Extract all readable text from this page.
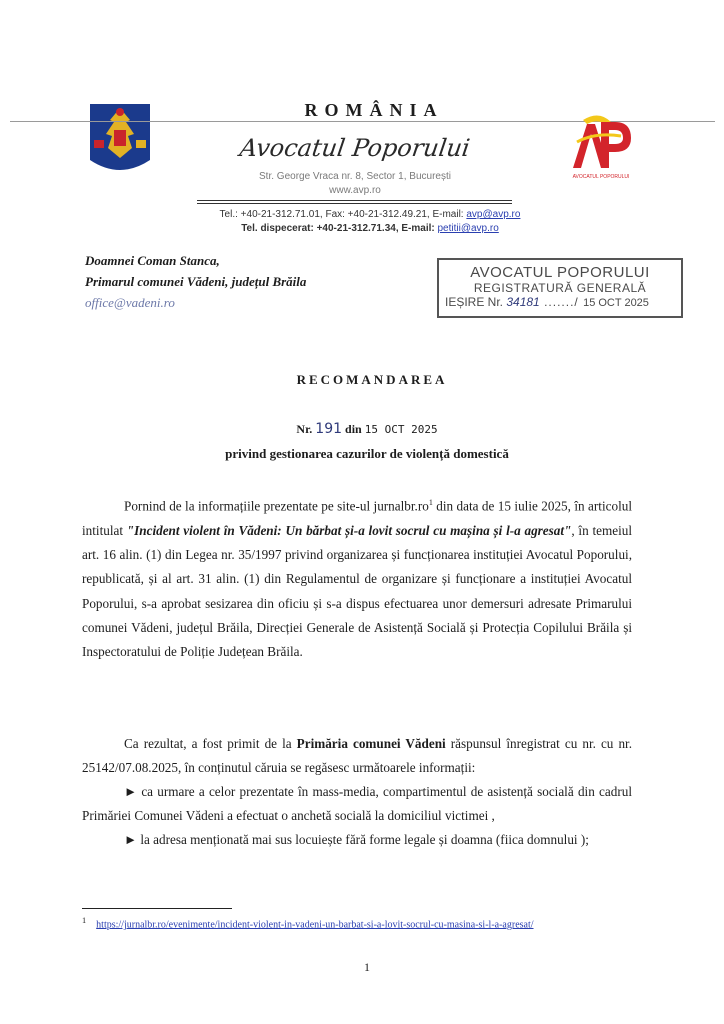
ROMÂNIA
Avocatul Poporului
AVOCATUL POPORULUI
Str. George Vraca nr. 8, Sector 1, București
www.avp.ro
Tel.: +40-21-312.71.01, Fax: +40-21-312.49.21, E-mail: avp@avp.ro
Tel. dispecerat: +40-21-312.71.34, E-mail: petitii@avp.ro
Doamnei Coman Stanca,
Primarul comunei Vădeni, județul Brăila
office@vadeni.ro
AVOCATUL POPORULUI
REGISTRATURĂ GENERALĂ
IEȘIRE Nr. 34181 ......./ 15 OCT 2025
RECOMANDAREA
Nr. 191 din 15 OCT 2025
privind gestionarea cazurilor de violență domestică

Pornind de la informațiile prezentate pe site-ul $jurnalbr.ro^1$ din data de 15 iulie 2025, în articolul intitulat "Incident violent în Vădeni: Un bărbat și-a lovit socrul cu mașina și l-a agresat", în temeiul art. 16 alin. (1) din Legea nr. 35/1997 privind organizarea și funcționarea instituției Avocatul Poporului, republicată, și al art. 31 alin. (1) din Regulamentul de organizare și funcționare a instituției Avocatul Poporului, s-a aprobat sesizarea din oficiu și s-a dispus efectuarea unor demersuri adresate Primarului comunei Vădeni, județul Brăila, Direcției Generale de Asistență Socială și Protecția Copilului Brăila și Inspectoratului de Poliție Județean Brăila.

Ca rezultat, a fost primit de la Primăria comunei Vădeni răspunsul înregistrat cu nr. cu nr. 25142/07.08.2025, în conținutul căruia se regăsesc următoarele informații:

► ca urmare a celor prezentate în mass-media, compartimentul de asistență socială din cadrul Primăriei Comunei Vădeni a efectuat o anchetă socială la domiciliul victimei ,

► la adresa menționată mai sus locuiește fără forme legale și doamna (fiica domnului );

$^1$ https://jurnalbr.ro/evenimente/incident-violent-in-vadeni-un-barbat-si-a-lovit-socrul-cu-masina-si-l-a-agresat/
1
